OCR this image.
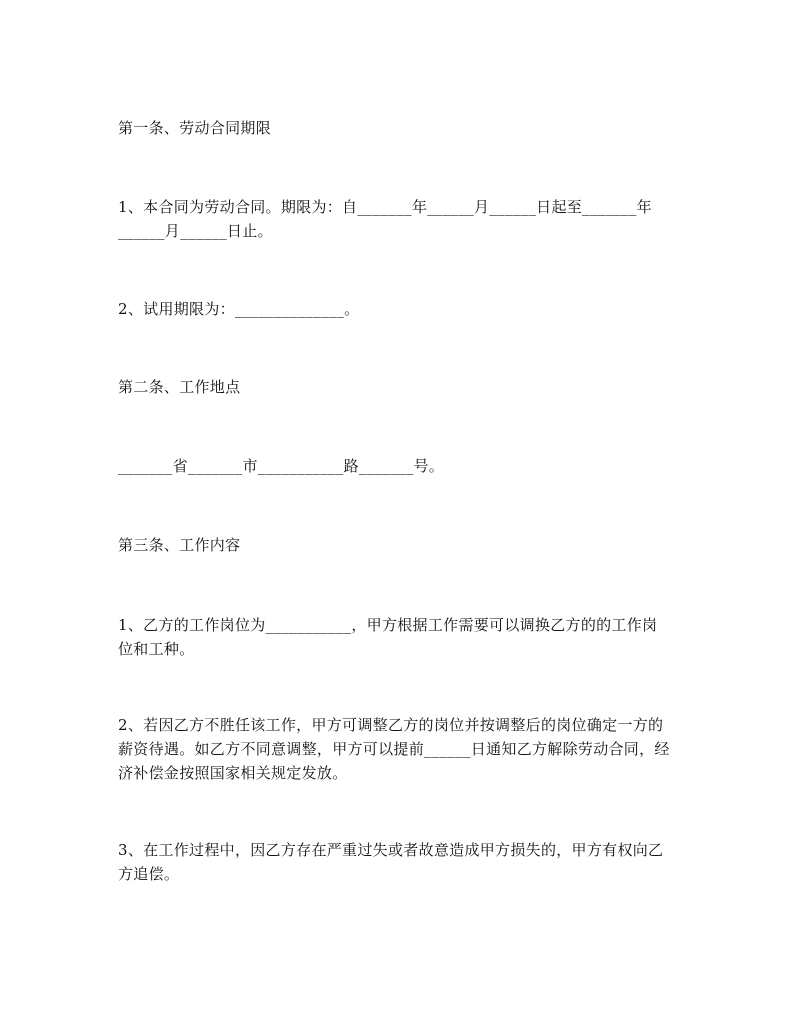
第一条、劳动合同期限

1、本合同为劳动合同。期限为：自_______年______月______日起至_______年
______月______日止。

2、试用期限为：______________。

第二条、工作地点

_______省_______市___________路_______号。

第三条、工作内容

1、乙方的工作岗位为___________，甲方根据工作需要可以调换乙方的的工作岗
位和工种。

2、若因乙方不胜任该工作，甲方可调整乙方的岗位并按调整后的岗位确定一方的
薪资待遇。如乙方不同意调整，甲方可以提前______日通知乙方解除劳动合同，经
济补偿金按照国家相关规定发放。

3、在工作过程中，因乙方存在严重过失或者故意造成甲方损失的，甲方有权向乙
方追偿。
